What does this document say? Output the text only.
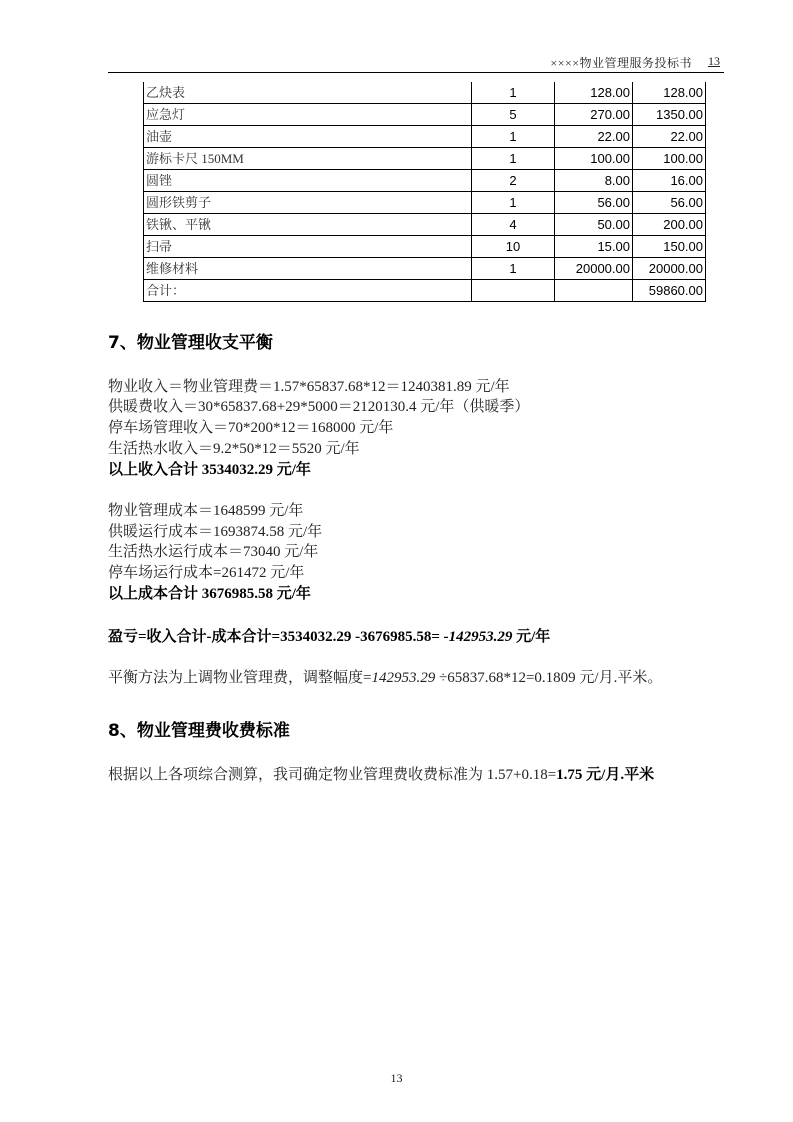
××××物业管理服务投标书 13
乙炔表	1	128.00	128.00
应急灯	5	270.00	1350.00
油壶	1	22.00	22.00
游标卡尺 150MM	1	100.00	100.00
圆锉	2	8.00	16.00
圆形铁剪子	1	56.00	56.00
铁锹、平锹	4	50.00	200.00
扫帚	10	15.00	150.00
维修材料	1	20000.00	20000.00
合计：			59860.00
7、物业管理收支平衡
物业收入＝物业管理费＝1.57*65837.68*12＝1240381.89 元/年
供暖费收入＝30*65837.68+29*5000＝2120130.4 元/年（供暖季）
停车场管理收入＝70*200*12＝168000 元/年
生活热水收入＝9.2*50*12＝5520 元/年
以上收入合计 3534032.29 元/年
物业管理成本＝1648599 元/年
供暖运行成本＝1693874.58 元/年
生活热水运行成本＝73040 元/年
停车场运行成本=261472 元/年
以上成本合计 3676985.58 元/年
盈亏=收入合计-成本合计=3534032.29 -3676985.58= -142953.29 元/年
平衡方法为上调物业管理费，调整幅度=142953.29 ÷65837.68*12=0.1809 元/月.平米。
8、物业管理费收费标准
根据以上各项综合测算，我司确定物业管理费收费标准为 1.57+0.18=1.75 元/月.平米
13
